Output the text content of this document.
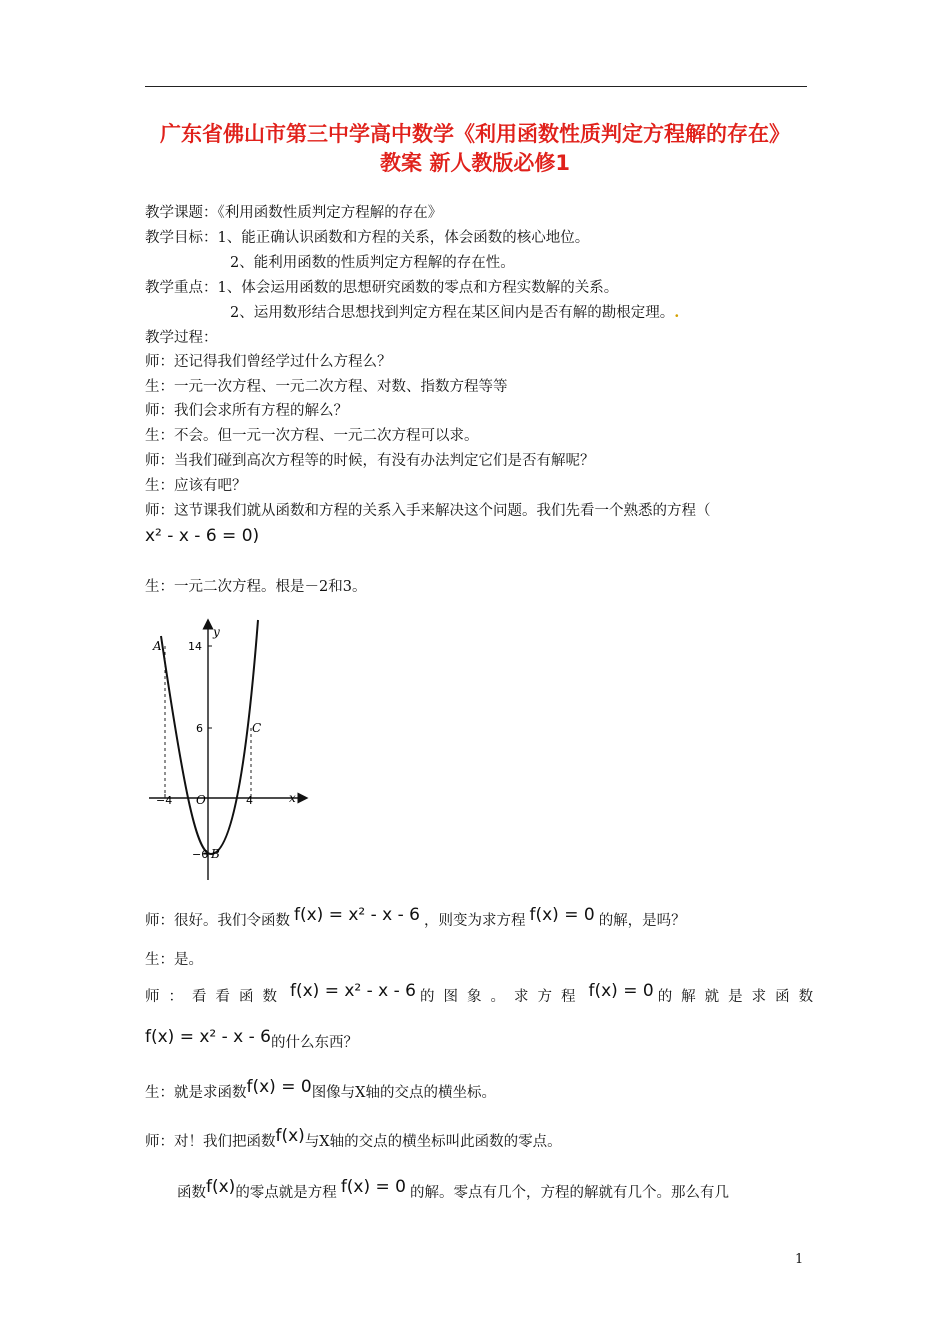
广东省佛山市第三中学高中数学《利用函数性质判定方程解的存在》
教案 新人教版必修1
教学课题：《利用函数性质判定方程解的存在》
教学目标：1、能正确认识函数和方程的关系，体会函数的核心地位。
2、能利用函数的性质判定方程解的存在性。
教学重点：1、体会运用函数的思想研究函数的零点和方程实数解的关系。
2、运用数形结合思想找到判定方程在某区间内是否有解的勘根定理。.
教学过程：
师：还记得我们曾经学过什么方程么？
生：一元一次方程、一元二次方程、对数、指数方程等等
师：我们会求所有方程的解么？
生：不会。但一元一次方程、一元二次方程可以求。
师：当我们碰到高次方程等的时候，有没有办法判定它们是否有解呢？
生：应该有吧？
师：这节课我们就从函数和方程的关系入手来解决这个问题。我们先看一个熟悉的方程（
x² - x - 6 = 0)
生：一元二次方程。根是－2和3。
y
x
O
14
6
−6
−4	4
A
B
C
师：很好。我们令函数 f(x) = x² - x - 6 ，则变为求方程 f(x) = 0 的解，是吗？
生：是。
师：看看函数 f(x) = x² - x - 6 的图象。求方程 f(x) = 0 的解就是求函数
f(x) = x² - x - 6的什么东西？
生：就是求函数f(x) = 0图像与X轴的交点的横坐标。
师：对！我们把函数f(x)与X轴的交点的横坐标叫此函数的零点。
函数f(x)的零点就是方程 f(x) = 0 的解。零点有几个，方程的解就有几个。那么有几
1
